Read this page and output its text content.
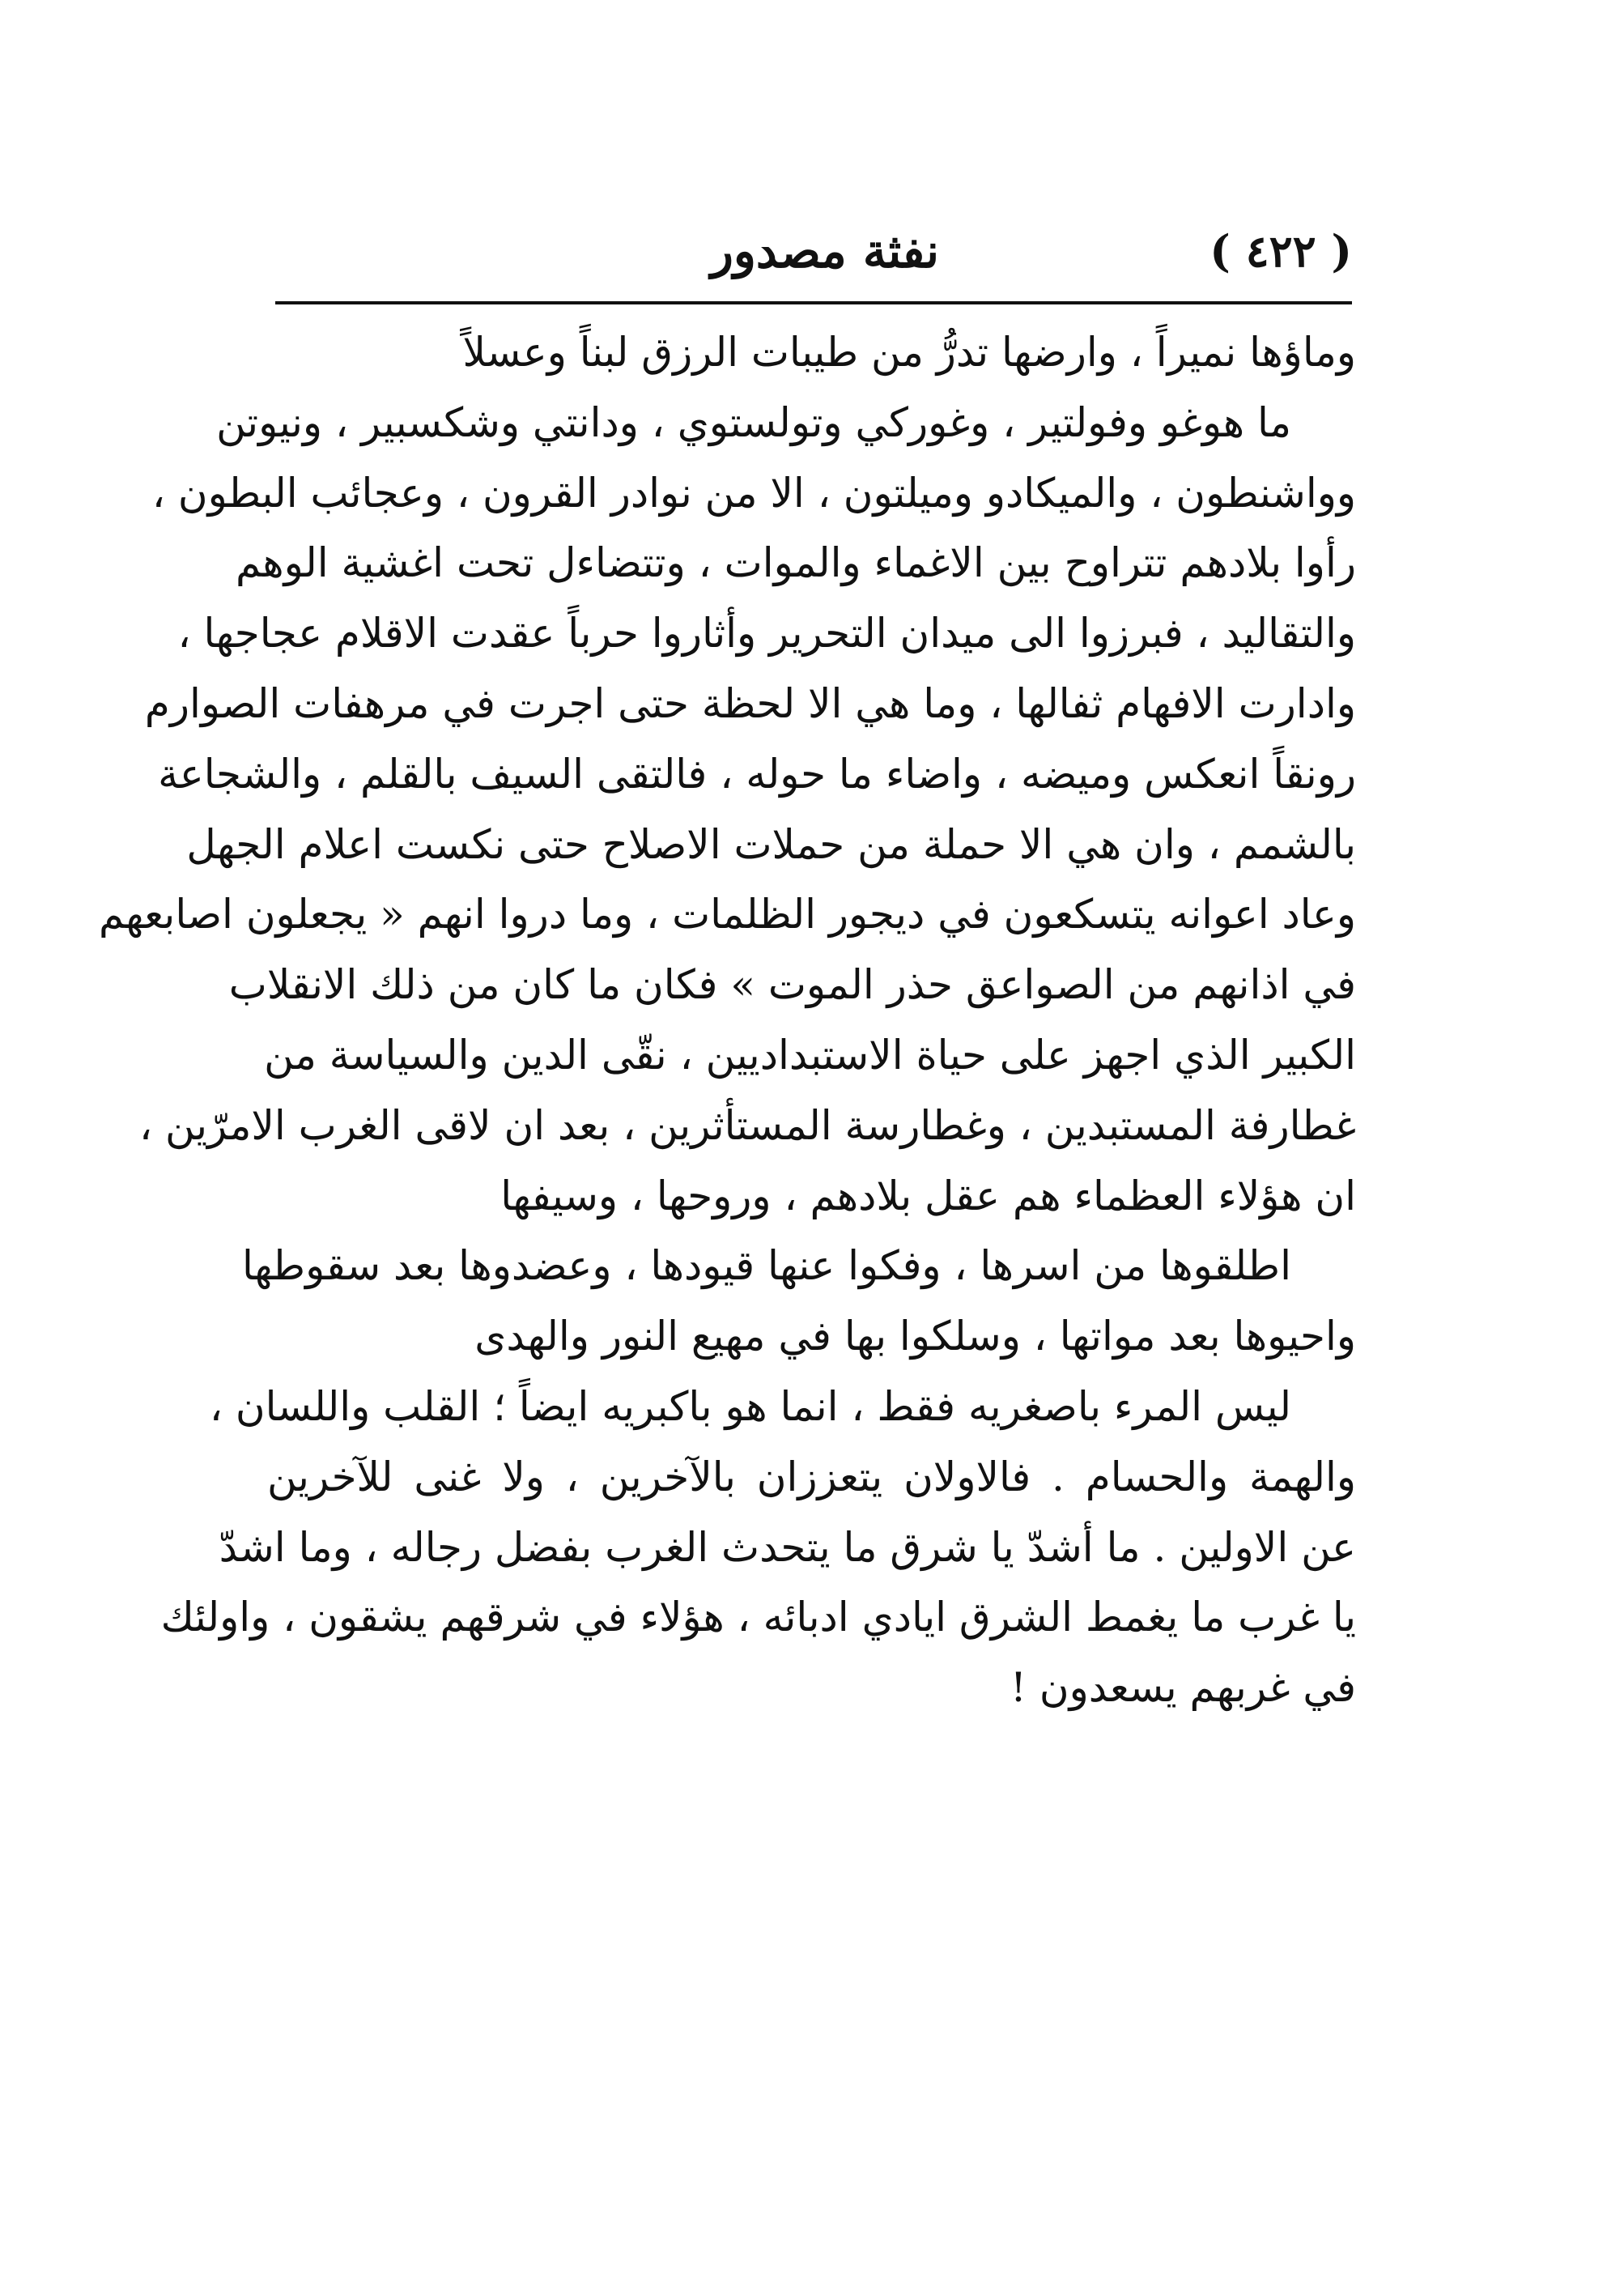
( ٤٢٢ )
نفثة مصدور
وماؤها نميراً ، وارضها تدرُّ من طيبات الرزق لبناً وعسلاً
ما هوغو وفولتير ، وغوركي وتولستوي ، ودانتي وشكسبير ، ونيوتن
وواشنطون ، والميكادو وميلتون ، الا من نوادر القرون ، وعجائب البطون ،
رأوا بلادهم تتراوح بين الاغماء والموات ، وتتضاءل تحت اغشية الوهم
والتقاليد ، فبرزوا الى ميدان التحرير وأثاروا حرباً عقدت الاقلام عجاجها ،
وادارت الافهام ثفالها ، وما هي الا لحظة حتى اجرت في مرهفات الصوارم
رونقاً انعكس وميضه ، واضاء ما حوله ، فالتقى السيف بالقلم ، والشجاعة
بالشمم ، وان هي الا حملة من حملات الاصلاح حتى نكست اعلام الجهل
وعاد اعوانه يتسكعون في ديجور الظلمات ، وما دروا انهم « يجعلون اصابعهم
في اذانهم من الصواعق حذر الموت » فكان ما كان من ذلك الانقلاب
الكبير الذي اجهز على حياة الاستبداديين ، نقّى الدين والسياسة من
غطارفة المستبدين ، وغطارسة المستأثرين ، بعد ان لاقى الغرب الامرّين ،
ان هؤلاء العظماء هم عقل بلادهم ، وروحها ، وسيفها
اطلقوها من اسرها ، وفكوا عنها قيودها ، وعضدوها بعد سقوطها
واحيوها بعد مواتها ، وسلكوا بها في مهيع النور والهدى
ليس المرء باصغريه فقط ، انما هو باكبريه ايضاً ؛ القلب واللسان ،
والهمة والحسام . فالاولان يتعززان بالآخرين ، ولا غنى للآخرين
عن الاولين . ما أشدّ يا شرق ما يتحدث الغرب بفضل رجاله ، وما اشدّ
يا غرب ما يغمط الشرق ايادي ادبائه ، هؤلاء في شرقهم يشقون ، واولئك
في غربهم يسعدون !
